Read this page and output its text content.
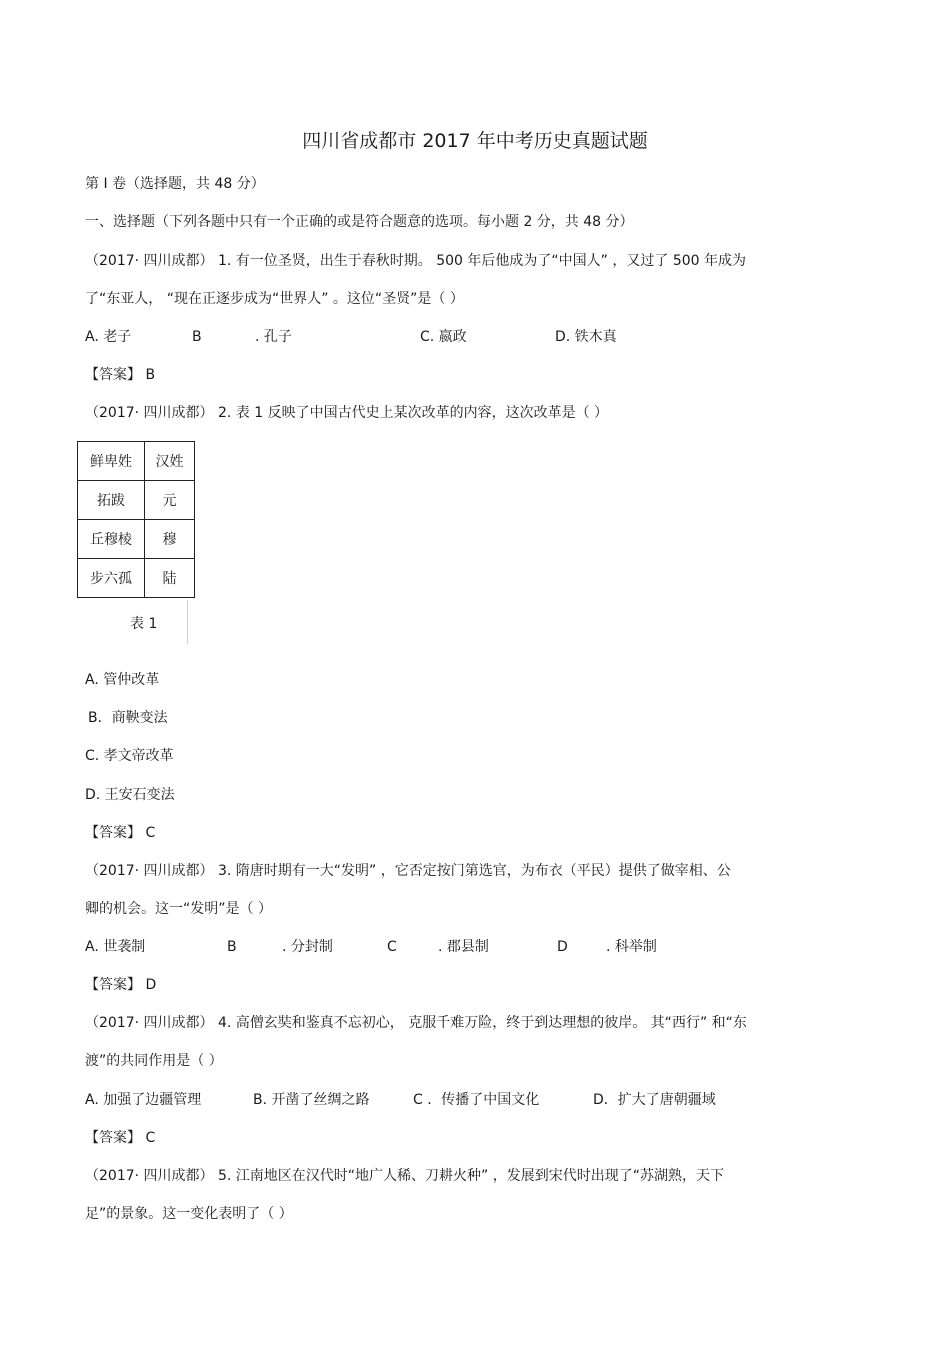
四川省成都市 2017 年中考历史真题试题
第 I 卷（选择题，共 48 分）
一、选择题（下列各题中只有一个正确的或是符合题意的选项。每小题 2 分，共 48 分）
（2017· 四川成都） 1. 有一位圣贤，出生于春秋时期。 500 年后他成为了“中国人” ，又过了 500 年成为
了“东亚人， “现在正逐步成为“世界人” 。这位“圣贤”是（ ）
A. 老子	B	. 孔子	C. 嬴政	D. 铁木真
【答案】 B
（2017· 四川成都） 2. 表 1 反映了中国古代史上某次改革的内容，这次改革是（ ）
鲜卑姓	汉姓
拓跋	元
丘穆棱	穆
步六孤	陆
表 1
A. 管仲改革
B．商鞅变法
C. 孝文帝改革
D. 王安石变法
【答案】 C
（2017· 四川成都） 3. 隋唐时期有一大“发明” ，它否定按门第选官，为布衣（平民）提供了做宰相、公
卿的机会。这一“发明”是（ ）
A. 世袭制	B	. 分封制	C	. 郡县制	D	. 科举制
【答案】 D
（2017· 四川成都） 4. 高僧玄奘和鉴真不忘初心， 克服千难万险，终于到达理想的彼岸。 其“西行” 和“东
渡”的共同作用是（ ）
A. 加强了边疆管理	B. 开凿了丝绸之路	C ．传播了中国文化	D．扩大了唐朝疆域
【答案】 C
（2017· 四川成都） 5. 江南地区在汉代时“地广人稀、刀耕火种” ，发展到宋代时出现了“苏湖熟，天下
足”的景象。这一变化表明了（ ）
